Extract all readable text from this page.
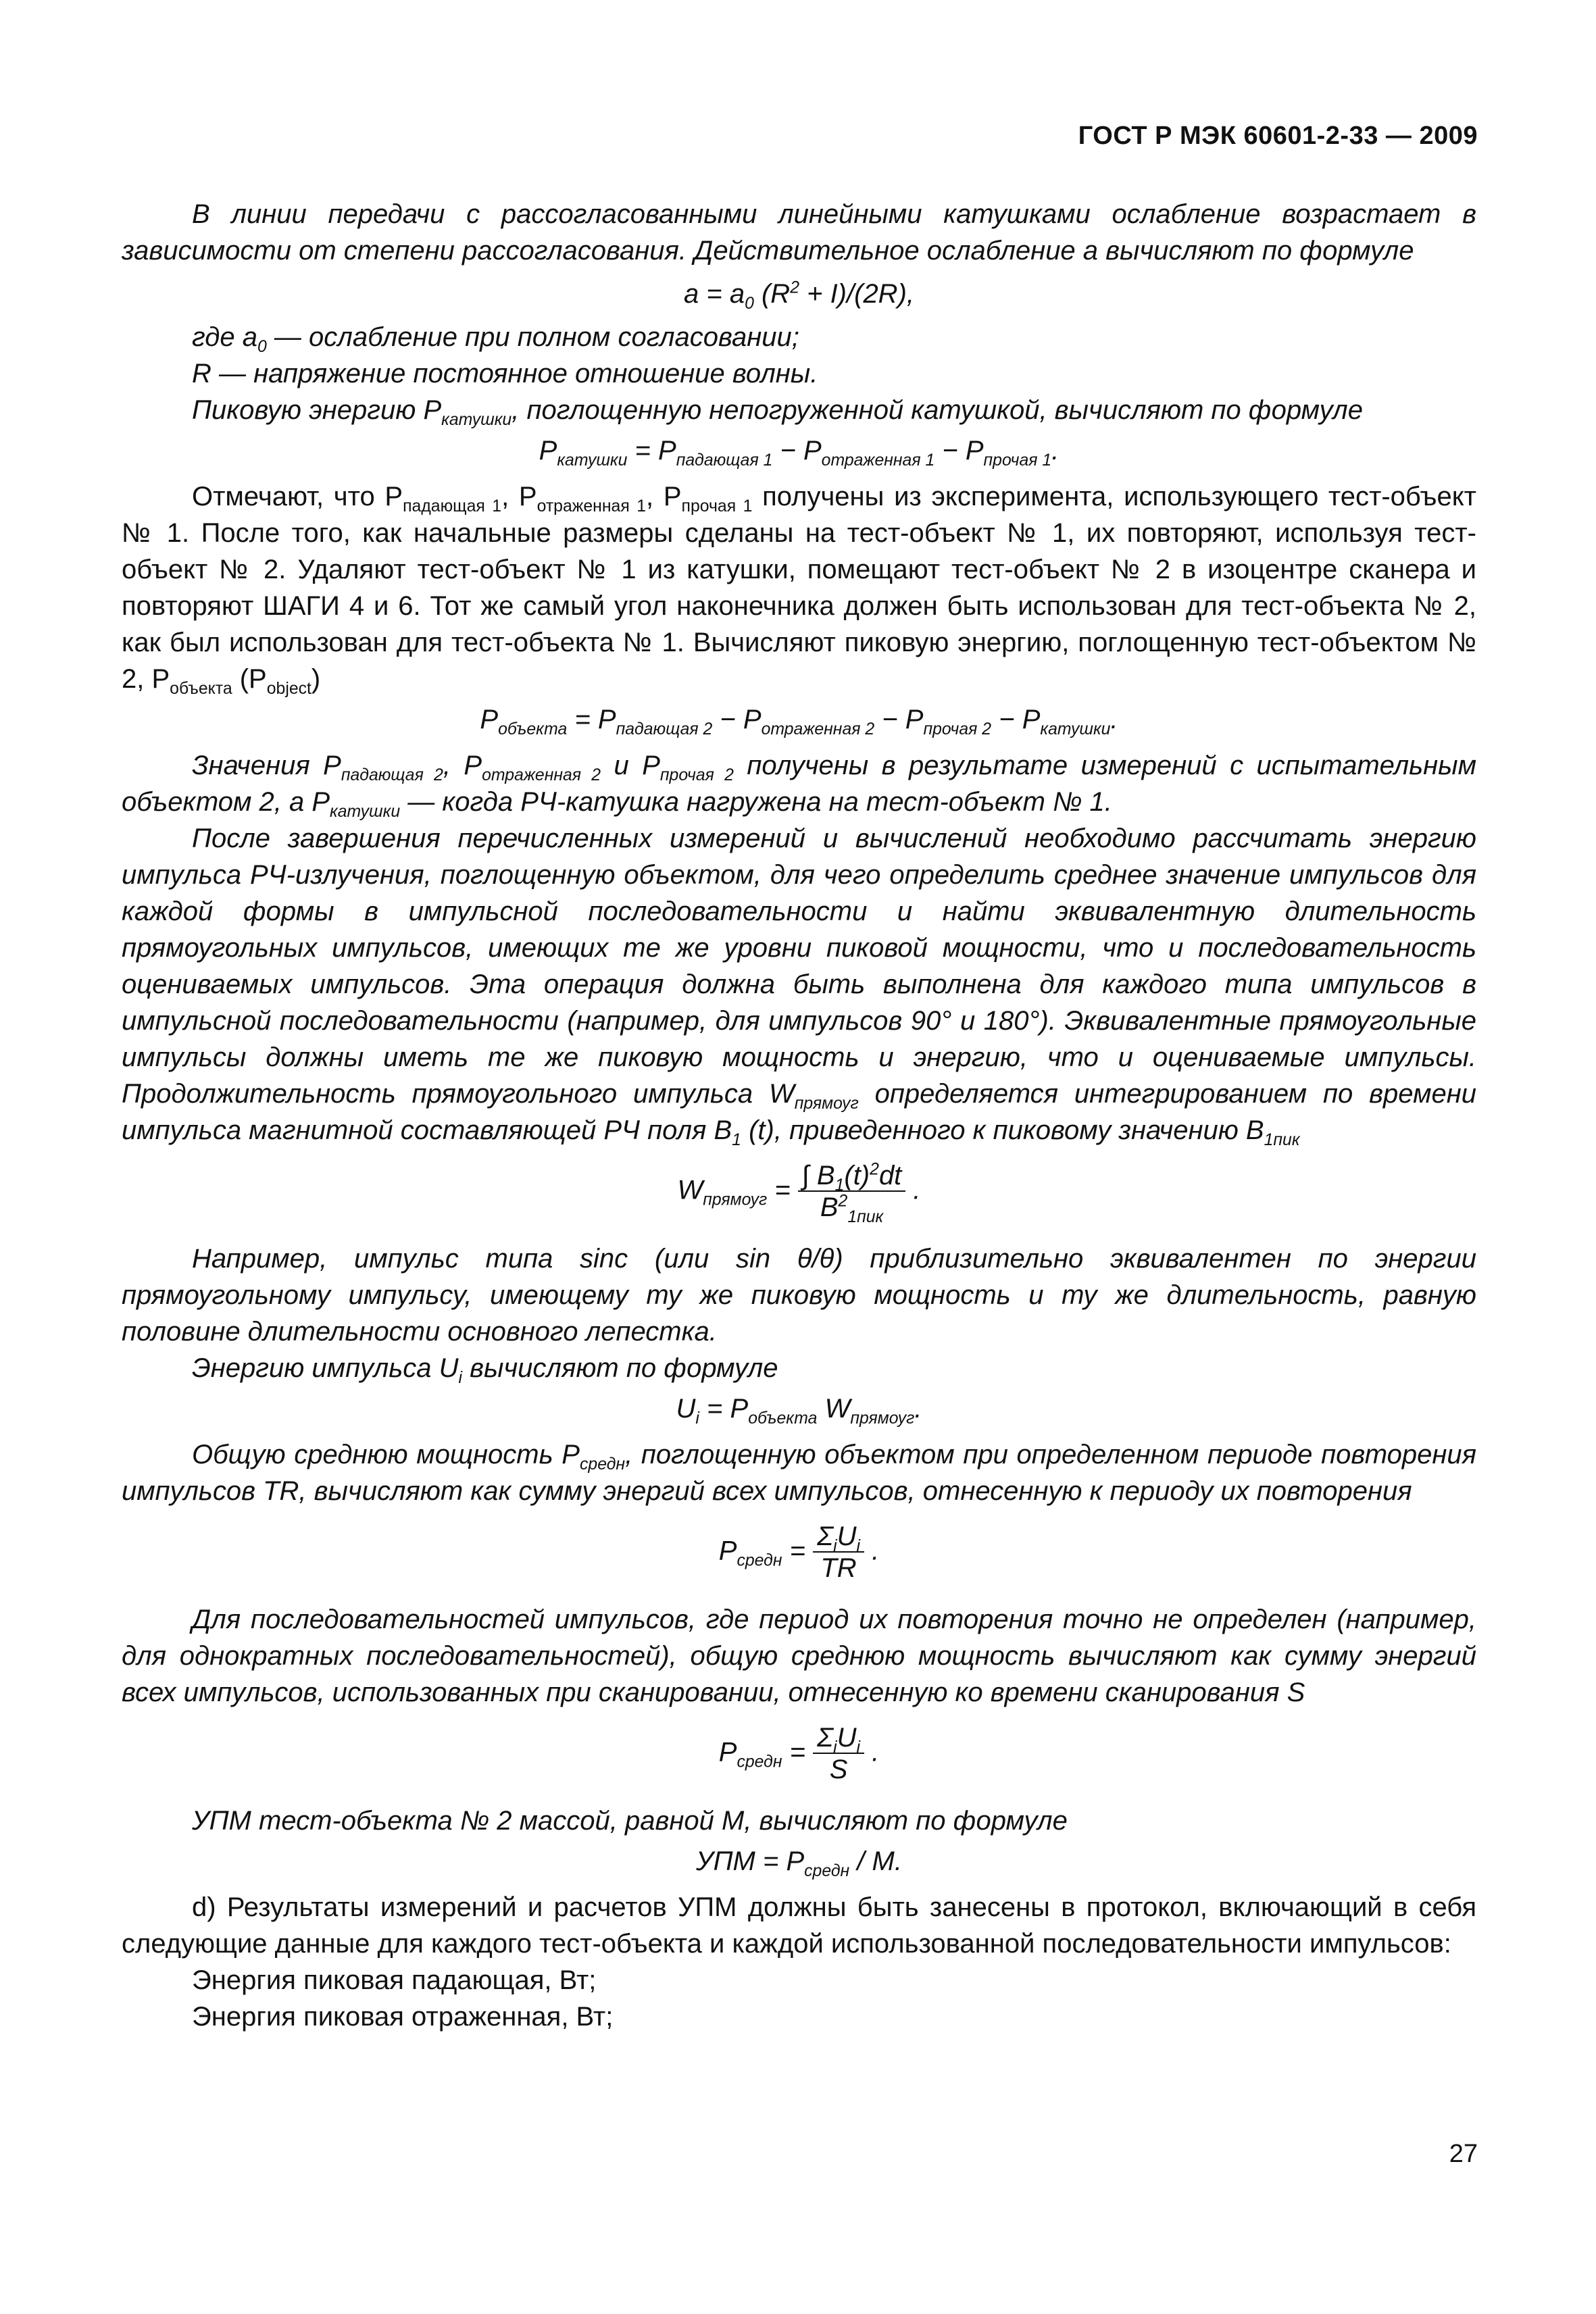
ГОСТ Р МЭК 60601-2-33 — 2009

В линии передачи с рассогласованными линейными катушками ослабление возрастает в зависимости от степени рассогласования. Действительное ослабление a вычисляют по формуле

$a = a_0$ $(R^2 + I)/(2R)$,

где $a_0$ — ослабление при полном согласовании;

R — напряжение постоянное отношение волны.

Пиковую энергию $P_{катушки}$, поглощенную непогруженной катушкой, вычисляют по формуле

$P_{катушки} = P_{падающая 1} - P_{отраженная 1} - P_{прочая 1}$.

Отмечают, что $P_{падающая 1}$, $P_{отраженная 1}$, $P_{прочая 1}$ получены из эксперимента, использующего тест-объект № 1. После того, как начальные размеры сделаны на тест-объект № 1, их повторяют, используя тест-объект № 2. Удаляют тест-объект № 1 из катушки, помещают тест-объект № 2 в изоцентре сканера и повторяют ШАГИ 4 и 6. Тот же самый угол наконечника должен быть использован для тест-объекта № 2, как был использован для тест-объекта № 1. Вычисляют пиковую энергию, поглощенную тест-объектом № 2, $P_{объекта}$ $(P_{object})$

$P_{объекта} = P_{падающая 2} - P_{отраженная 2} - P_{прочая 2} - P_{катушки}$.

Значения $P_{падающая 2}$, $P_{отраженная 2}$ и $P_{прочая 2}$ получены в результате измерений с испытательным объектом 2, а $P_{катушки}$ — когда РЧ-катушка нагружена на тест-объект № 1.

После завершения перечисленных измерений и вычислений необходимо рассчитать энергию импульса РЧ-излучения, поглощенную объектом, для чего определить среднее значение импульсов для каждой формы в импульсной последовательности и найти эквивалентную длительность прямоугольных импульсов, имеющих те же уровни пиковой мощности, что и последовательность оцениваемых импульсов. Эта операция должна быть выполнена для каждого типа импульсов в импульсной последовательности (например, для импульсов 90° и 180°). Эквивалентные прямоугольные импульсы должны иметь те же пиковую мощность и энергию, что и оцениваемые импульсы. Продолжительность прямоугольного импульса $W_{прямоуг}$ определяется интегрированием по времени импульса магнитной составляющей РЧ поля $B_1$ (t), приведенного к пиковому значению $B_{1пик}$

$W_{прямоуг} = \frac{\int B_1(t)^2dt}{B^2_{1пик}}$ .

Например, импульс типа sinc (или sin θ/θ) приблизительно эквивалентен по энергии прямоугольному импульсу, имеющему ту же пиковую мощность и ту же длительность, равную половине длительности основного лепестка.

Энергию импульса $U_i$ вычисляют по формуле

$U_i = P_{объекта}$ $W_{прямоуг}$.

Общую среднюю мощность $P_{средн}$, поглощенную объектом при определенном периоде повторения импульсов TR, вычисляют как сумму энергий всех импульсов, отнесенную к периоду их повторения

$P_{средн} = \frac{\Sigma_iU_i}{TR}$ .

Для последовательностей импульсов, где период их повторения точно не определен (например, для однократных последовательностей), общую среднюю мощность вычисляют как сумму энергий всех импульсов, использованных при сканировании, отнесенную ко времени сканирования S

$P_{средн} = \frac{\Sigma_iU_i}{S}$ .

УПМ тест-объекта № 2 массой, равной M, вычисляют по формуле

УПМ = $P_{средн}$ / M.

d) Результаты измерений и расчетов УПМ должны быть занесены в протокол, включающий в себя следующие данные для каждого тест-объекта и каждой использованной последовательности импульсов:

Энергия пиковая падающая, Вт;

Энергия пиковая отраженная, Вт;

27
